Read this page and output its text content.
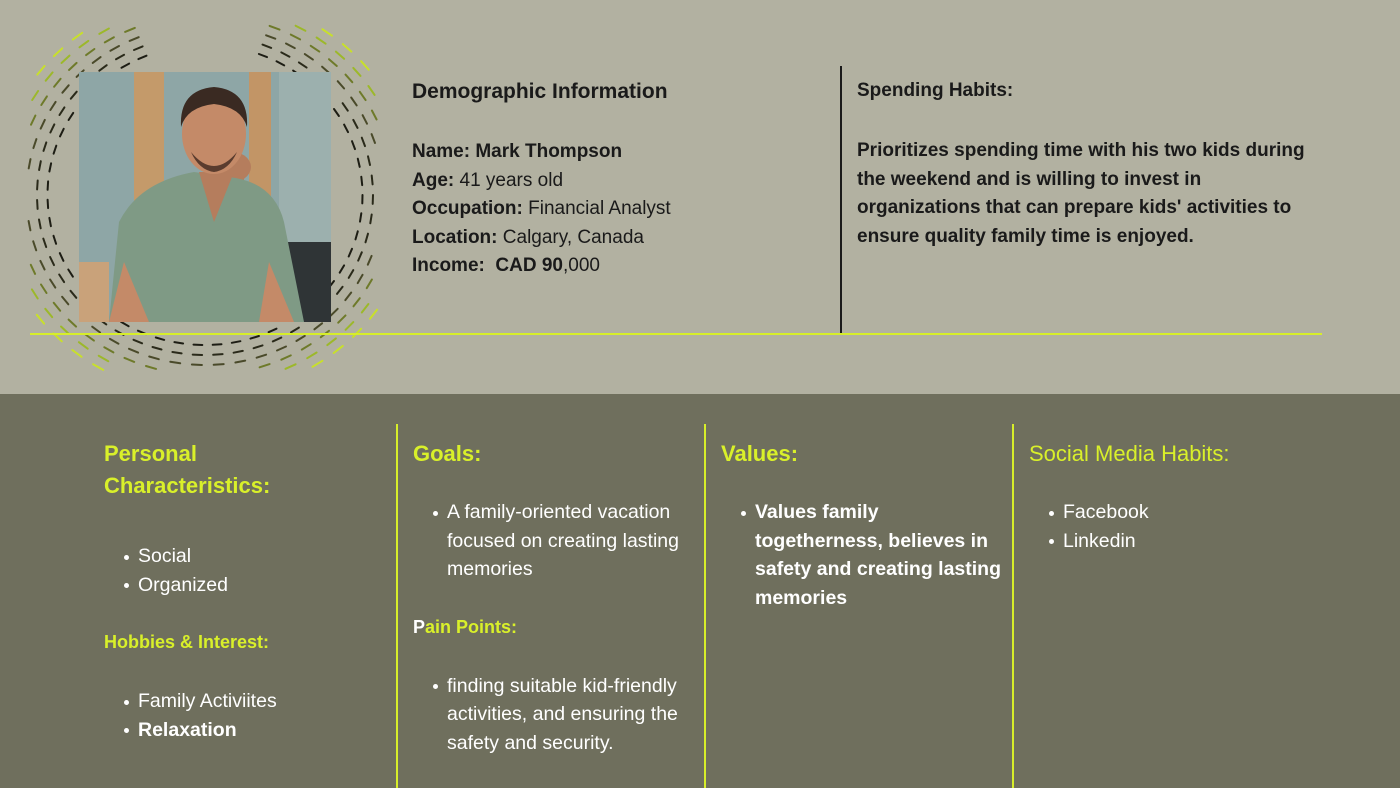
Demographic Information
Name: Mark Thompson
Age: 41 years old
Occupation: Financial Analyst
Location: Calgary, Canada
Income: CAD 90,000
Spending Habits:

Prioritizes spending time with his two kids during the weekend and is willing to invest in organizations that can prepare kids' activities to ensure quality family time is enjoyed.

Personal
Characteristics:
Social
Organized
Hobbies & Interest:
Family Activiites
Relaxation
Goals:
A family-oriented vacation focused on creating lasting memories
Pain Points:
finding suitable kid-friendly activities, and ensuring the safety and security.
Values:
Values family togetherness, believes in safety and creating lasting memories
Social Media Habits:
Facebook
Linkedin
